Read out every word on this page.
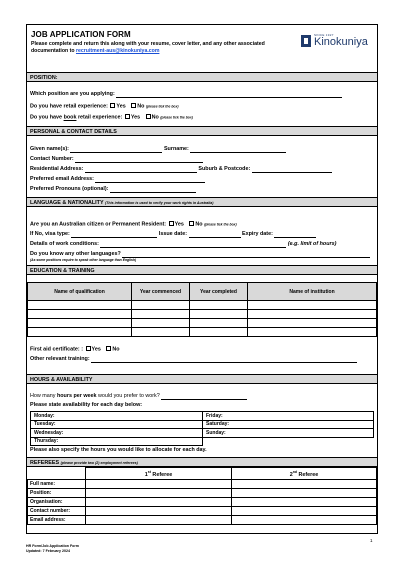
JOB APPLICATION FORM
Please complete and return this along with your resume, cover letter, and any other associated documentation to recruitment-aus@kinokuniya.com
SINCE 1927
Kinokuniya
POSITION:
Which position are you applying:
Do you have retail experience: Yes No (please tick the box)
Do you have book retail experience: Yes No (please tick the box)
PERSONAL & CONTACT DETAILS
Given name(s):	Surname:
Contact Number:
Residential Address:	Suburb & Postcode:
Preferred email Address:
Preferred Pronouns (optional):
LANGUAGE & NATIONALITY (This information is used to verify your work rights in Australia)
Are you an Australian citizen or Permanent Resident: Yes No (please tick the box)
If No, visa type:	Issue date:	Expiry date:
Details of work conditions:	(e.g. limit of hours)
Do you know any other languages?
(As some positions require to speak other language than English)
EDUCATION & TRAINING
Name of qualification	Year commenced	Year completed	Name of institution

First aid certificate: : Yes No
Other relevant training:
HOURS & AVAILABILITY
How many hours per week would you prefer to work?
Please state availability for each day below:
Monday:	Friday:
Tuesday:	Saturday:
Wednesday:	Sunday:
Thursday:	
Please also specify the hours you would like to allocate for each day.
REFEREES (please provide two (2) employment referees)
	1st Referee	2nd Referee
Full name:		
Position:		
Organisation:		
Contact number:		
Email address:		
1
HR Form/Job Application Form
Updated: 7 February 2024
